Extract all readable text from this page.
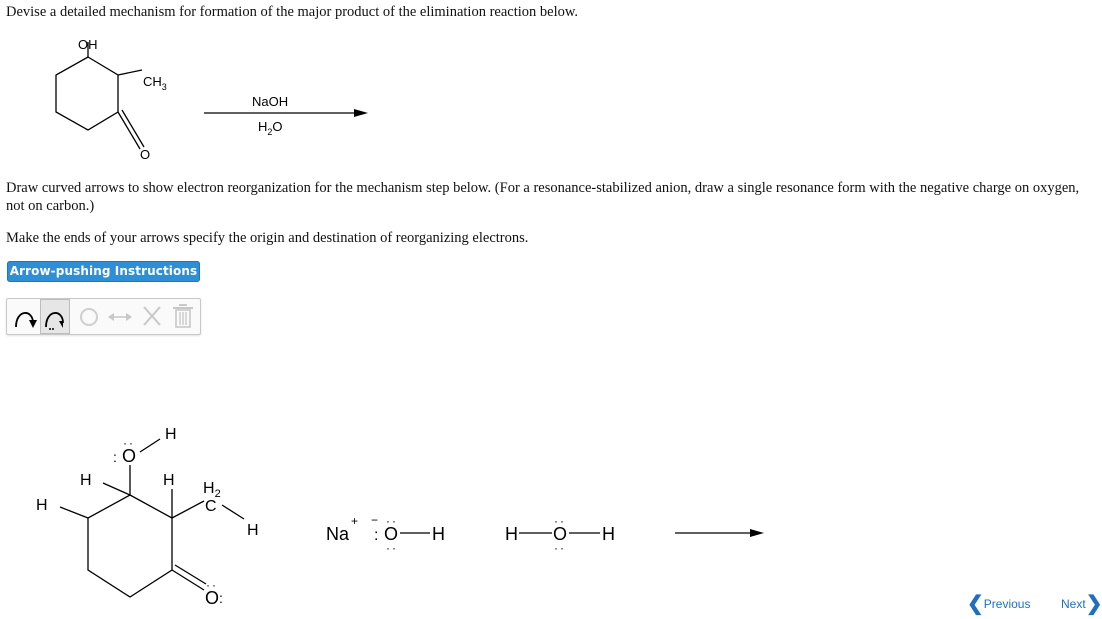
Devise a detailed mechanism for formation of the major product of the elimination reaction below.
OH
$CH_3$
O
NaOH
$H_2O$
Draw curved arrows to show electron reorganization for the mechanism step below. (For a resonance-stabilized anion, draw a single resonance form with the negative charge on oxygen, not on carbon.)
Make the ends of your arrows specify the origin and destination of reorganizing electrons.
Arrow-pushing Instructions
H
O
:
··
H
H
H $H_2$
C
H
O
··
:
Na
+ −
:
··
O
··
H	H
··
O
··
H
❮ Previous	Next ❯
